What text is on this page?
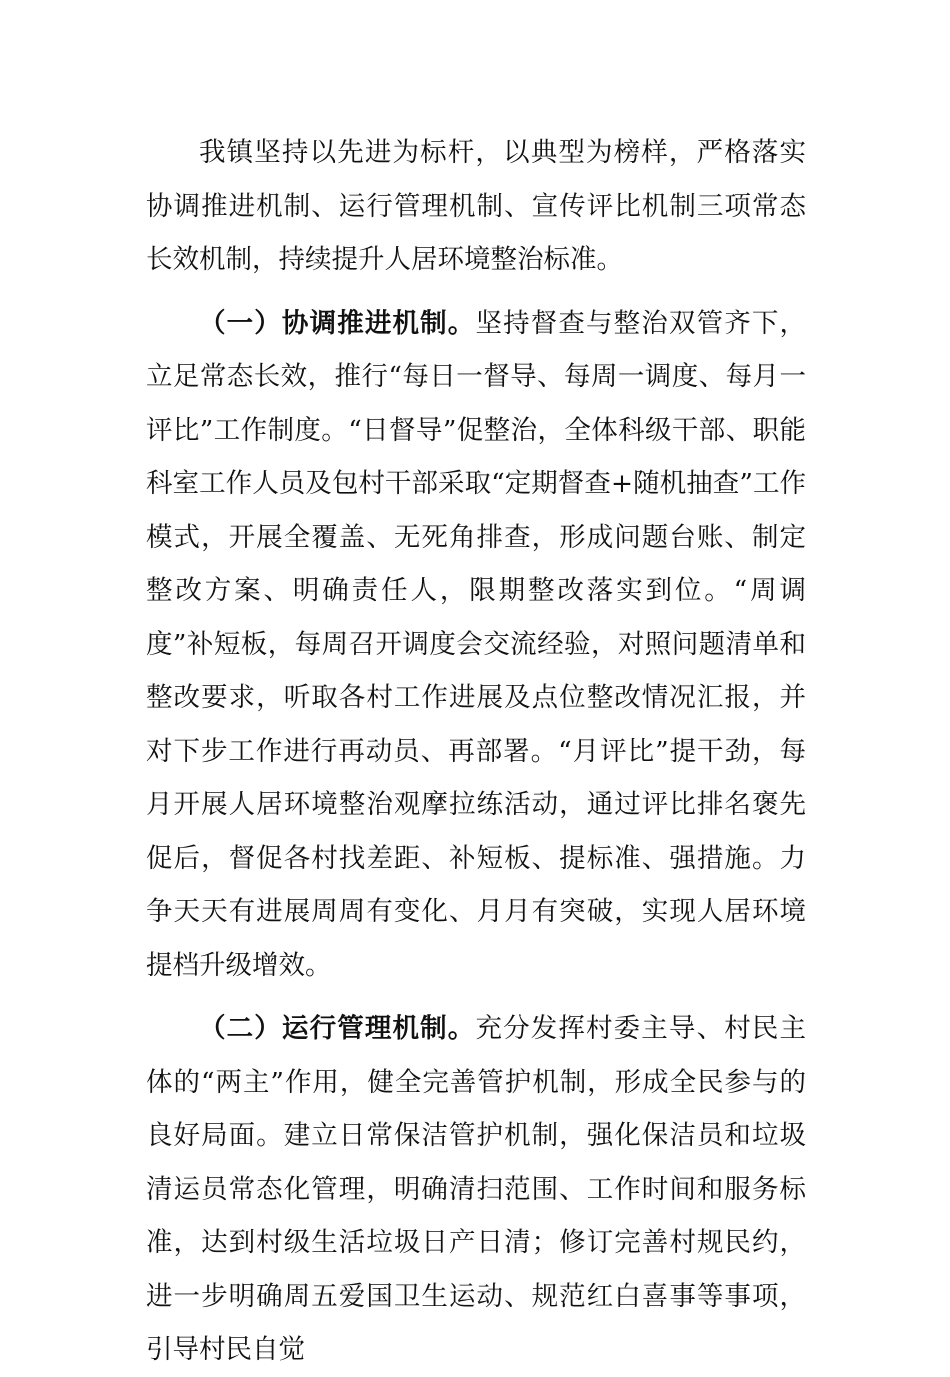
我镇坚持以先进为标杆，以典型为榜样，严格落实协调推进机制、运行管理机制、宣传评比机制三项常态长效机制，持续提升人居环境整治标准。

（一）协调推进机制。坚持督查与整治双管齐下，立足常态长效，推行“每日一督导、每周一调度、每月一评比”工作制度。“日督导”促整治，全体科级干部、职能科室工作人员及包村干部采取“定期督查+随机抽查”工作模式，开展全覆盖、无死角排查，形成问题台账、制定整改方案、明确责任人，限期整改落实到位。“周调度”补短板，每周召开调度会交流经验，对照问题清单和整改要求，听取各村工作进展及点位整改情况汇报，并对下步工作进行再动员、再部署。“月评比”提干劲，每月开展人居环境整治观摩拉练活动，通过评比排名褒先促后，督促各村找差距、补短板、提标准、强措施。力争天天有进展周周有变化、月月有突破，实现人居环境提档升级增效。

（二）运行管理机制。充分发挥村委主导、村民主体的“两主”作用，健全完善管护机制，形成全民参与的良好局面。建立日常保洁管护机制，强化保洁员和垃圾清运员常态化管理，明确清扫范围、工作时间和服务标准，达到村级生活垃圾日产日清；修订完善村规民约，进一步明确周五爱国卫生运动、规范红白喜事等事项，引导村民自觉
